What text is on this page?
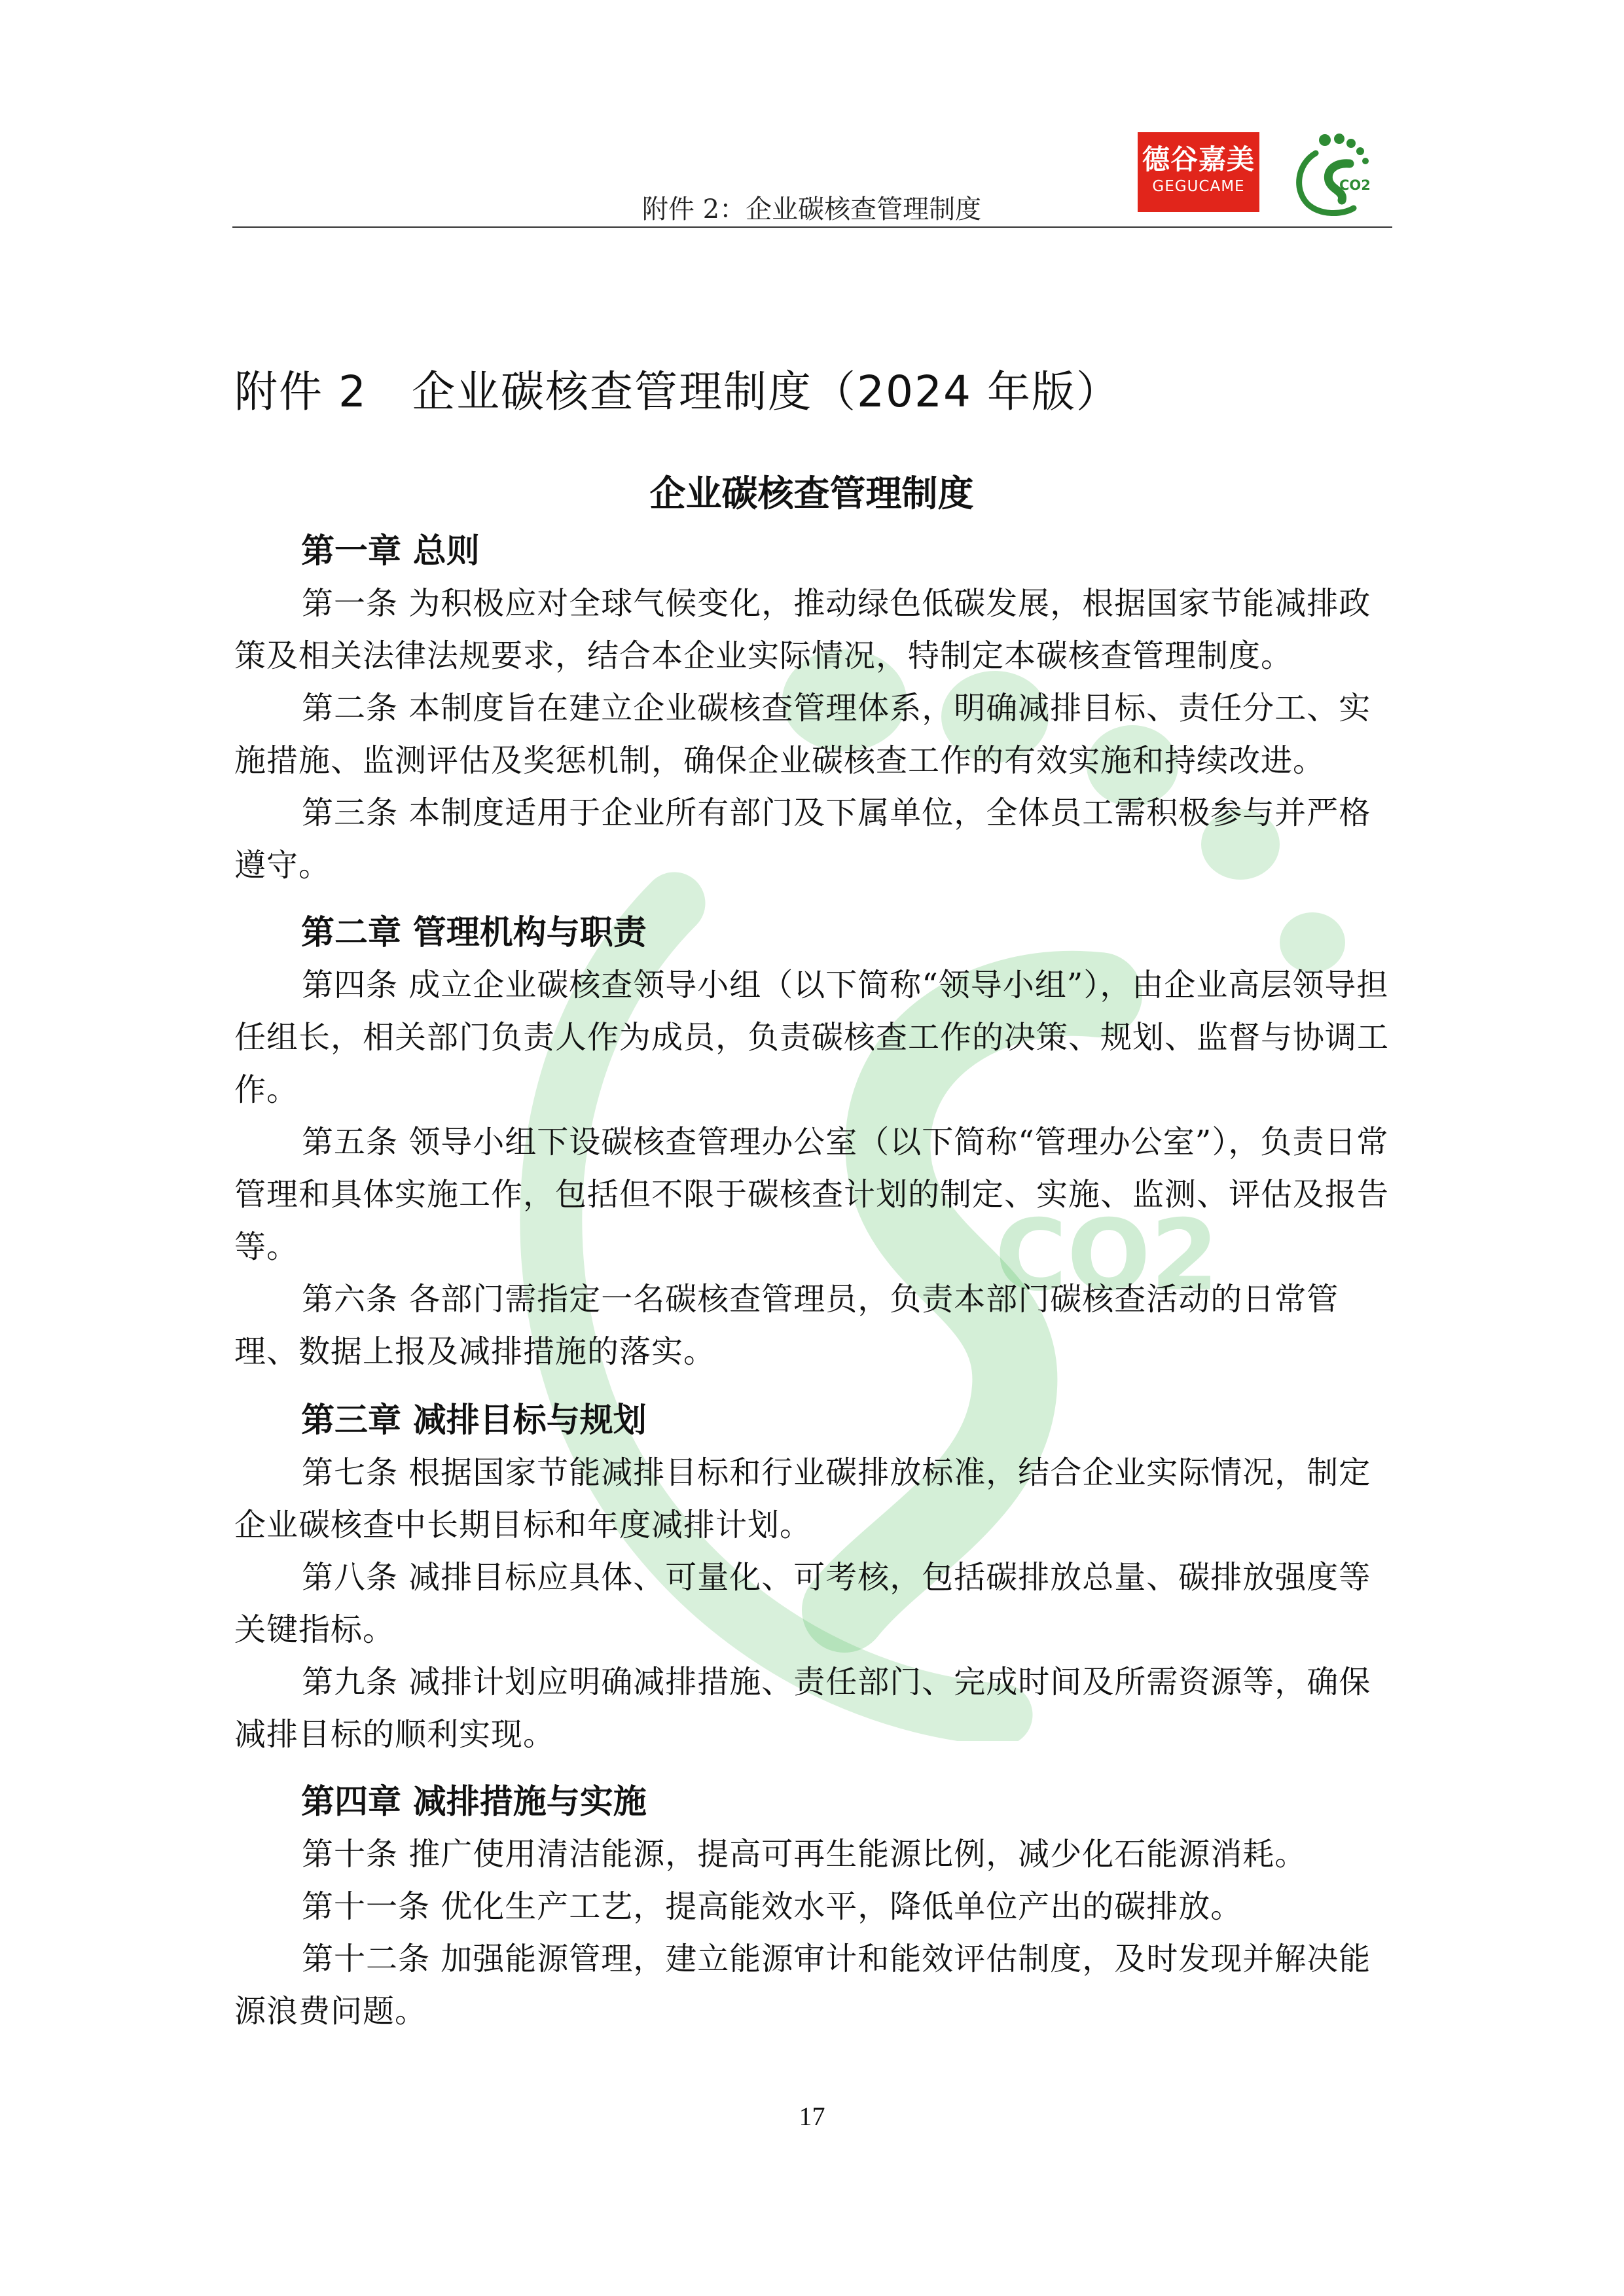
CO2
德谷嘉美
GEGUCAME	CO2
附件 2：企业碳核查管理制度
附件 2　企业碳核查管理制度（2024 年版）
企业碳核查管理制度
第一章 总则
第一条 为积极应对全球气候变化，推动绿色低碳发展，根据国家节能减排政策及相关法律法规要求，结合本企业实际情况，特制定本碳核查管理制度。
第二条 本制度旨在建立企业碳核查管理体系，明确减排目标、责任分工、实施措施、监测评估及奖惩机制，确保企业碳核查工作的有效实施和持续改进。
第三条 本制度适用于企业所有部门及下属单位，全体员工需积极参与并严格遵守。
第二章 管理机构与职责
第四条 成立企业碳核查领导小组（以下简称“领导小组”），由企业高层领导担任组长，相关部门负责人作为成员，负责碳核查工作的决策、规划、监督与协调工作。
第五条 领导小组下设碳核查管理办公室（以下简称“管理办公室”），负责日常管理和具体实施工作，包括但不限于碳核查计划的制定、实施、监测、评估及报告等。
第六条 各部门需指定一名碳核查管理员，负责本部门碳核查活动的日常管理、数据上报及减排措施的落实。
第三章 减排目标与规划
第七条 根据国家节能减排目标和行业碳排放标准，结合企业实际情况，制定企业碳核查中长期目标和年度减排计划。
第八条 减排目标应具体、可量化、可考核，包括碳排放总量、碳排放强度等关键指标。
第九条 减排计划应明确减排措施、责任部门、完成时间及所需资源等，确保减排目标的顺利实现。
第四章 减排措施与实施
第十条 推广使用清洁能源，提高可再生能源比例，减少化石能源消耗。
第十一条 优化生产工艺，提高能效水平，降低单位产出的碳排放。
第十二条 加强能源管理，建立能源审计和能效评估制度，及时发现并解决能源浪费问题。
17
